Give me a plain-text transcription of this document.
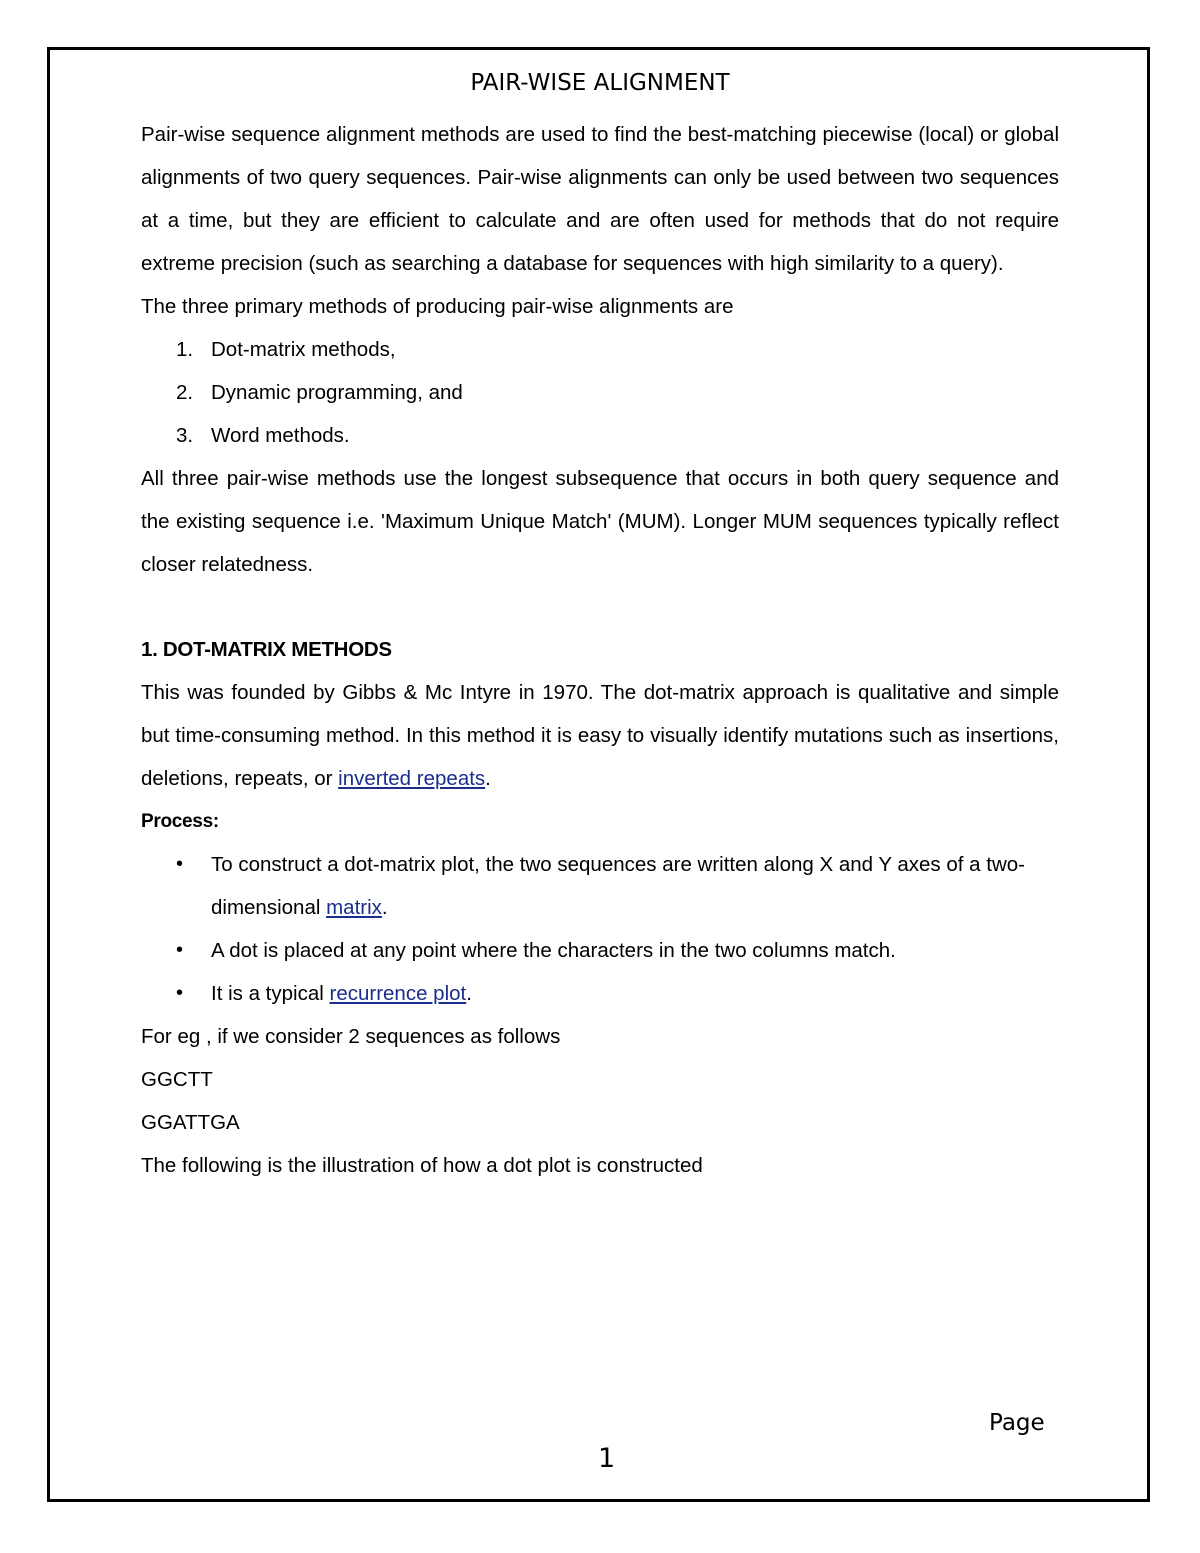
PAIR-WISE ALIGNMENT

Pair-wise sequence alignment methods are used to find the best-matching piecewise (local) or global alignments of two query sequences. Pair-wise alignments can only be used between two sequences at a time, but they are efficient to calculate and are often used for methods that do not require extreme precision (such as searching a database for sequences with high similarity to a query).

The three primary methods of producing pair-wise alignments are

1. Dot-matrix methods,
2. Dynamic programming, and
3. Word methods.

All three pair-wise methods use the longest subsequence that occurs in both query sequence and the existing sequence i.e. 'Maximum Unique Match' (MUM). Longer MUM sequences typically reflect closer relatedness.

1. DOT-MATRIX METHODS

This was founded by Gibbs & Mc Intyre in 1970. The dot-matrix approach is qualitative and simple but time-consuming method. In this method it is easy to visually identify mutations such as insertions, deletions, repeats, or inverted repeats.

Process:

• To construct a dot-matrix plot, the two sequences are written along X and Y axes of a two-dimensional matrix.
• A dot is placed at any point where the characters in the two columns match.
• It is a typical recurrence plot.

For eg , if we consider 2 sequences as follows

GGCTT

GGATTGA

The following is the illustration of how a dot plot is constructed

Page
1
